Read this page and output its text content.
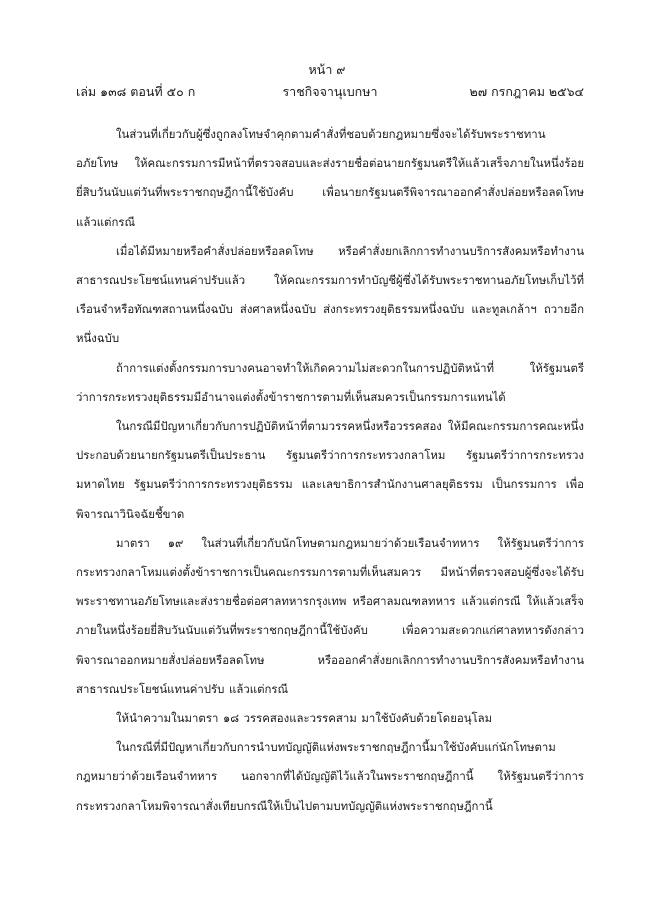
หน้า ๙
เล่ม ๑๓๘ ตอนที่ ๕๐ ก	ราชกิจจานุเบกษา	๒๗ กรกฎาคม ๒๕๖๔

ในส่วนที่เกี่ยวกับผู้ซึ่งถูกลงโทษจำคุกตามคำสั่งที่ชอบด้วยกฎหมายซึ่งจะได้รับพระราชทานอภัยโทษ ให้คณะกรรมการมีหน้าที่ตรวจสอบและส่งรายชื่อต่อนายกรัฐมนตรีให้แล้วเสร็จภายในหนึ่งร้อยยี่สิบวันนับแต่วันที่พระราชกฤษฎีกานี้ใช้บังคับ เพื่อนายกรัฐมนตรีพิจารณาออกคำสั่งปล่อยหรือลดโทษ แล้วแต่กรณี

เมื่อได้มีหมายหรือคำสั่งปล่อยหรือลดโทษ หรือคำสั่งยกเลิกการทำงานบริการสังคมหรือทำงานสาธารณประโยชน์แทนค่าปรับแล้ว ให้คณะกรรมการทำบัญชีผู้ซึ่งได้รับพระราชทานอภัยโทษเก็บไว้ที่เรือนจำหรือทัณฑสถานหนึ่งฉบับ ส่งศาลหนึ่งฉบับ ส่งกระทรวงยุติธรรมหนึ่งฉบับ และทูลเกล้าฯ ถวายอีกหนึ่งฉบับ

ถ้าการแต่งตั้งกรรมการบางคนอาจทำให้เกิดความไม่สะดวกในการปฏิบัติหน้าที่ ให้รัฐมนตรีว่าการกระทรวงยุติธรรมมีอำนาจแต่งตั้งข้าราชการตามที่เห็นสมควรเป็นกรรมการแทนได้

ในกรณีมีปัญหาเกี่ยวกับการปฏิบัติหน้าที่ตามวรรคหนึ่งหรือวรรคสอง ให้มีคณะกรรมการคณะหนึ่ง ประกอบด้วยนายกรัฐมนตรีเป็นประธาน รัฐมนตรีว่าการกระทรวงกลาโหม รัฐมนตรีว่าการกระทรวงมหาดไทย รัฐมนตรีว่าการกระทรวงยุติธรรม และเลขาธิการสำนักงานศาลยุติธรรม เป็นกรรมการ เพื่อพิจารณาวินิจฉัยชี้ขาด

มาตรา ๑๙ ในส่วนที่เกี่ยวกับนักโทษตามกฎหมายว่าด้วยเรือนจำทหาร ให้รัฐมนตรีว่าการกระทรวงกลาโหมแต่งตั้งข้าราชการเป็นคณะกรรมการตามที่เห็นสมควร มีหน้าที่ตรวจสอบผู้ซึ่งจะได้รับพระราชทานอภัยโทษและส่งรายชื่อต่อศาลทหารกรุงเทพ หรือศาลมณฑลทหาร แล้วแต่กรณี ให้แล้วเสร็จภายในหนึ่งร้อยยี่สิบวันนับแต่วันที่พระราชกฤษฎีกานี้ใช้บังคับ เพื่อความสะดวกแก่ศาลทหารดังกล่าวพิจารณาออกหมายสั่งปล่อยหรือลดโทษ หรือออกคำสั่งยกเลิกการทำงานบริการสังคมหรือทำงานสาธารณประโยชน์แทนค่าปรับ แล้วแต่กรณี

ให้นำความในมาตรา ๑๘ วรรคสองและวรรคสาม มาใช้บังคับด้วยโดยอนุโลม

ในกรณีที่มีปัญหาเกี่ยวกับการนำบทบัญญัติแห่งพระราชกฤษฎีกานี้มาใช้บังคับแก่นักโทษตามกฎหมายว่าด้วยเรือนจำทหาร นอกจากที่ได้บัญญัติไว้แล้วในพระราชกฤษฎีกานี้ ให้รัฐมนตรีว่าการกระทรวงกลาโหมพิจารณาสั่งเทียบกรณีให้เป็นไปตามบทบัญญัติแห่งพระราชกฤษฎีกานี้
